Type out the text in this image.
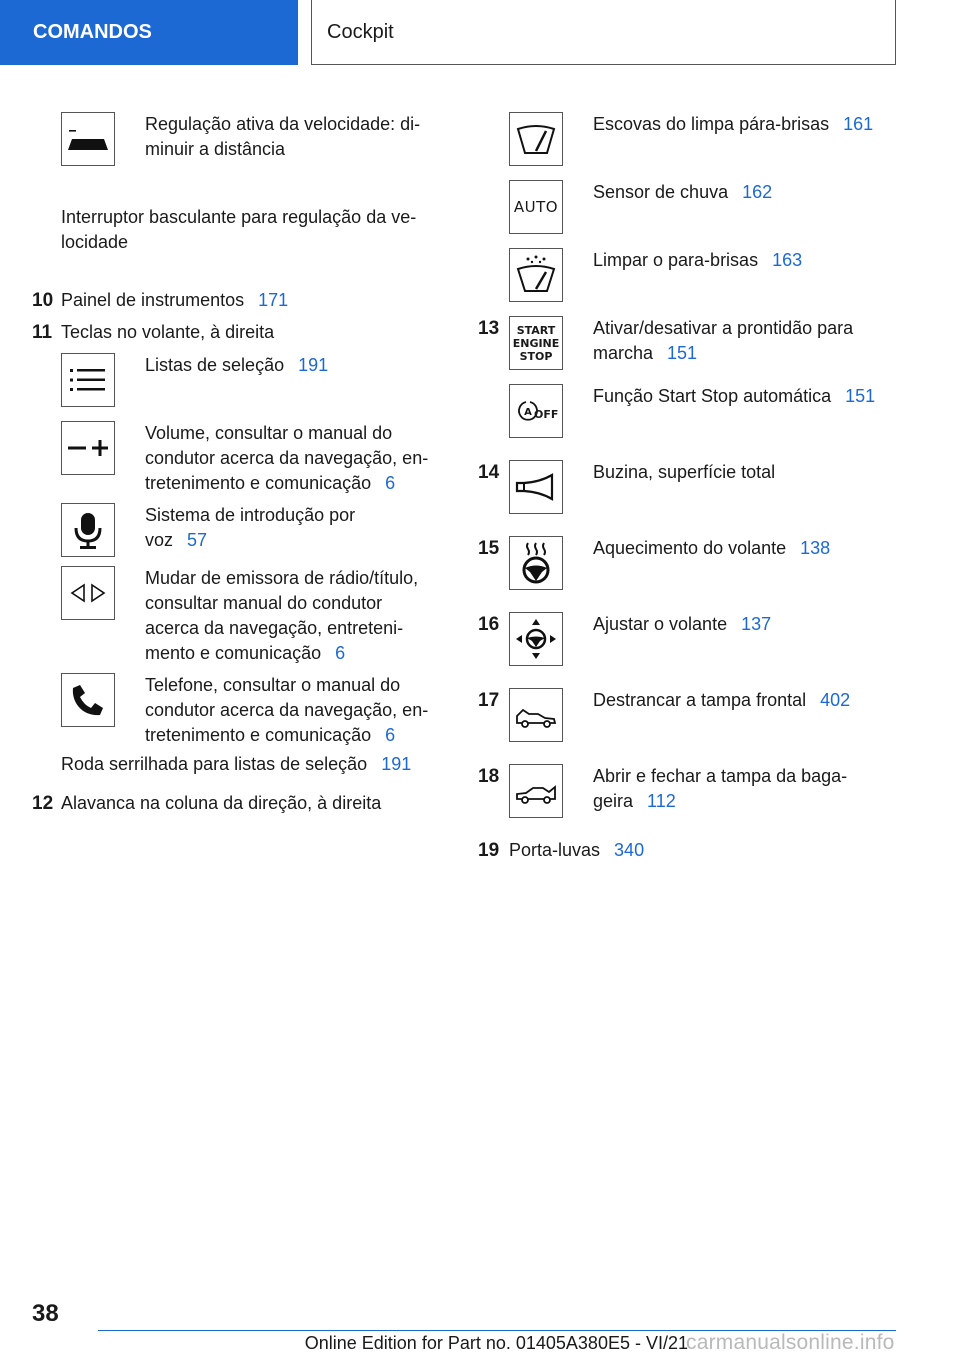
COMANDOS	Cockpit
Regulação ativa da velocidade: di-
minuir a distância

Interruptor basculante para regulação da ve-
locidade

10 Painel de instrumentos 171
11 Teclas no volante, à direita
Listas de seleção 191
Volume, consultar o manual do
condutor acerca da navegação, en-
tretenimento e comunicação 6
Sistema de introdução por
voz 57
Mudar de emissora de rádio/título,
consultar manual do condutor
acerca da navegação, entreteni-
mento e comunicação 6
Telefone, consultar o manual do
condutor acerca da navegação, en-
tretenimento e comunicação 6
Roda serrilhada para listas de seleção 191
12 Alavanca na coluna da direção, à direita
Escovas do limpa pára-brisas 161
AUTO
Sensor de chuva 162
Limpar o para-brisas 163
13 START
ENGINE
STOP
Ativar/desativar a prontidão para
marcha 151
A OFF
Função Start Stop automática 151
14	Buzina, superfície total
15	Aquecimento do volante 138
16	Ajustar o volante 137
17	Destrancar a tampa frontal 402
18	Abrir e fechar a tampa da baga-
geira 112
19 Porta-luvas 340
38
Online Edition for Part no. 01405A380E5 - VI/21
carmanualsonline.info
